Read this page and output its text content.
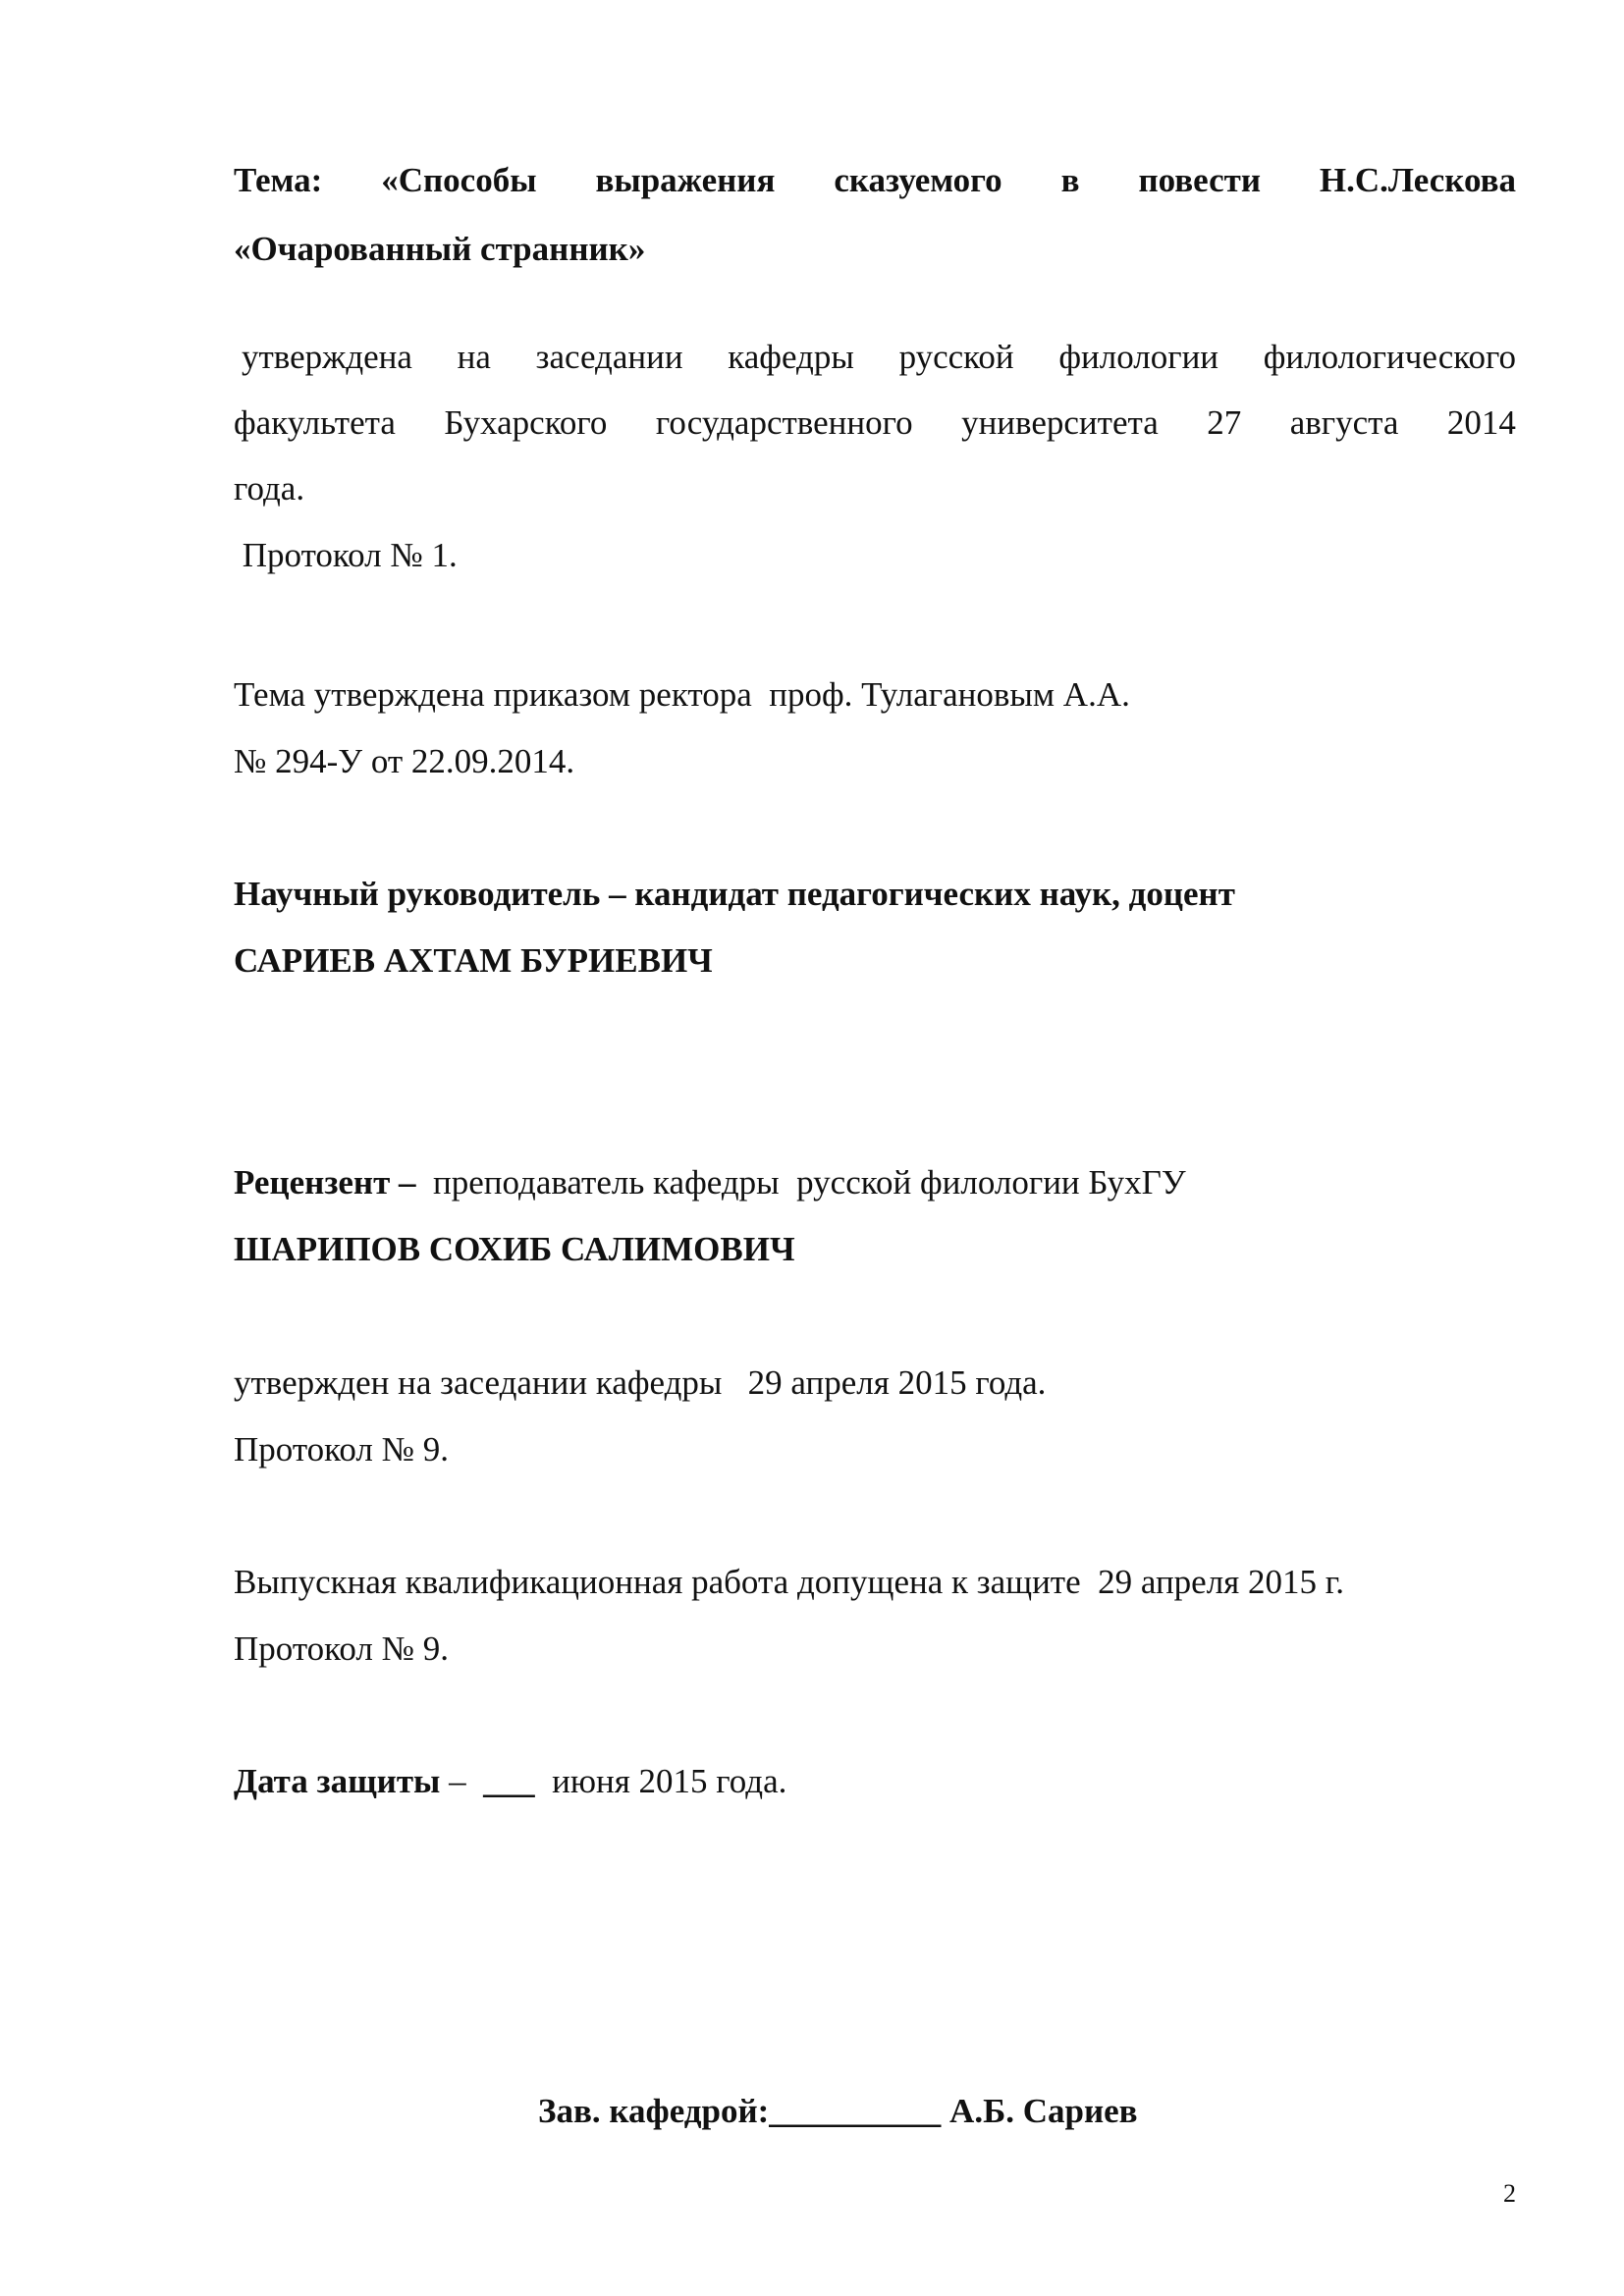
Тема: «Способы выражения сказуемого в повести Н.С.Лескова
«Очарованный странник»
утверждена на заседании кафедры русской филологии филологического
факультета Бухарского государственного университета 27 августа 2014
года.
Протокол № 1.
Тема утверждена приказом ректора  проф. Тулагановым А.А.
№ 294-У от 22.09.2014.
Научный руководитель – кандидат педагогических наук, доцент
САРИЕВ АХТАМ БУРИЕВИЧ
Рецензент –  преподаватель кафедры  русской филологии БухГУ
ШАРИПОВ СОХИБ САЛИМОВИЧ
утвержден на заседании кафедры   29 апреля 2015 года.
Протокол № 9.
Выпускная квалификационная работа допущена к защите  29 апреля 2015 г.
Протокол № 9.
Дата защиты –  ___  июня 2015 года.
Зав. кафедрой:__________ А.Б. Сариев
2
